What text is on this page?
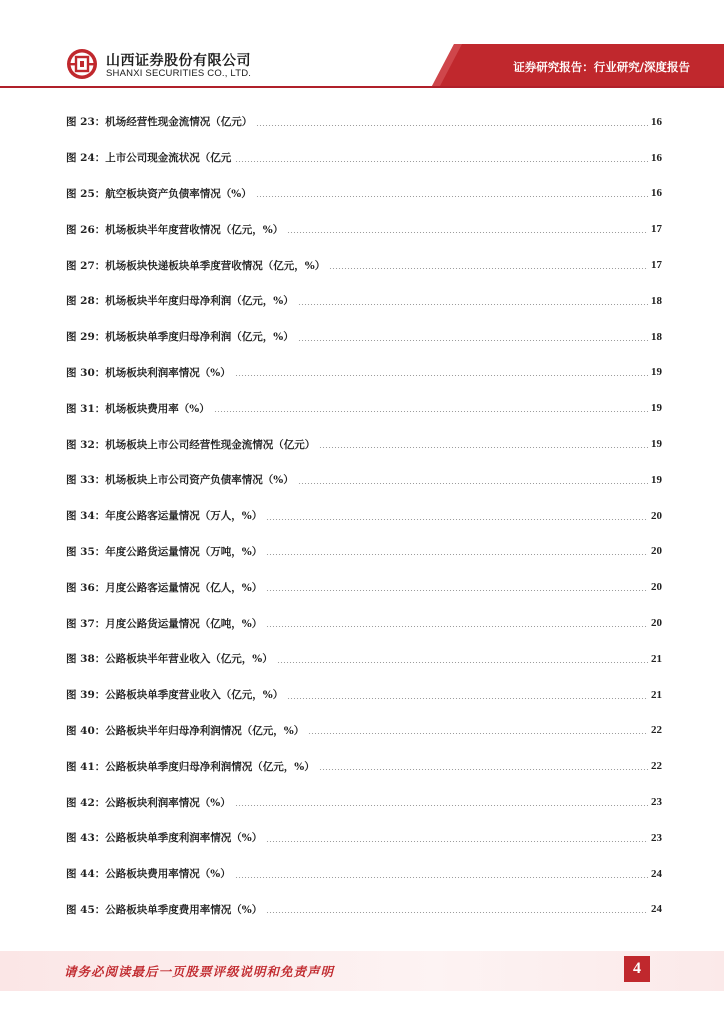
山西证券股份有限公司
SHANXI SECURITIES CO., LTD.	证券研究报告：行业研究/深度报告
图 23：机场经营性现金流情况（亿元）	16
图 24：上市公司现金流状况（亿元	16
图 25：航空板块资产负债率情况（%）	16
图 26：机场板块半年度营收情况（亿元，%）	17
图 27：机场板块快递板块单季度营收情况（亿元，%）	17
图 28：机场板块半年度归母净利润（亿元，%）	18
图 29：机场板块单季度归母净利润（亿元，%）	18
图 30：机场板块利润率情况（%）	19
图 31：机场板块费用率（%）	19
图 32：机场板块上市公司经营性现金流情况（亿元）	19
图 33：机场板块上市公司资产负债率情况（%）	19
图 34：年度公路客运量情况（万人，%）	20
图 35：年度公路货运量情况（万吨，%）	20
图 36：月度公路客运量情况（亿人，%）	20
图 37：月度公路货运量情况（亿吨，%）	20
图 38：公路板块半年营业收入（亿元，%）	21
图 39：公路板块单季度营业收入（亿元，%）	21
图 40：公路板块半年归母净利润情况（亿元，%）	22
图 41：公路板块单季度归母净利润情况（亿元，%）	22
图 42：公路板块利润率情况（%）	23
图 43：公路板块单季度利润率情况（%）	23
图 44：公路板块费用率情况（%）	24
图 45：公路板块单季度费用率情况（%）	24
请务必阅读最后一页股票评级说明和免责声明	4
